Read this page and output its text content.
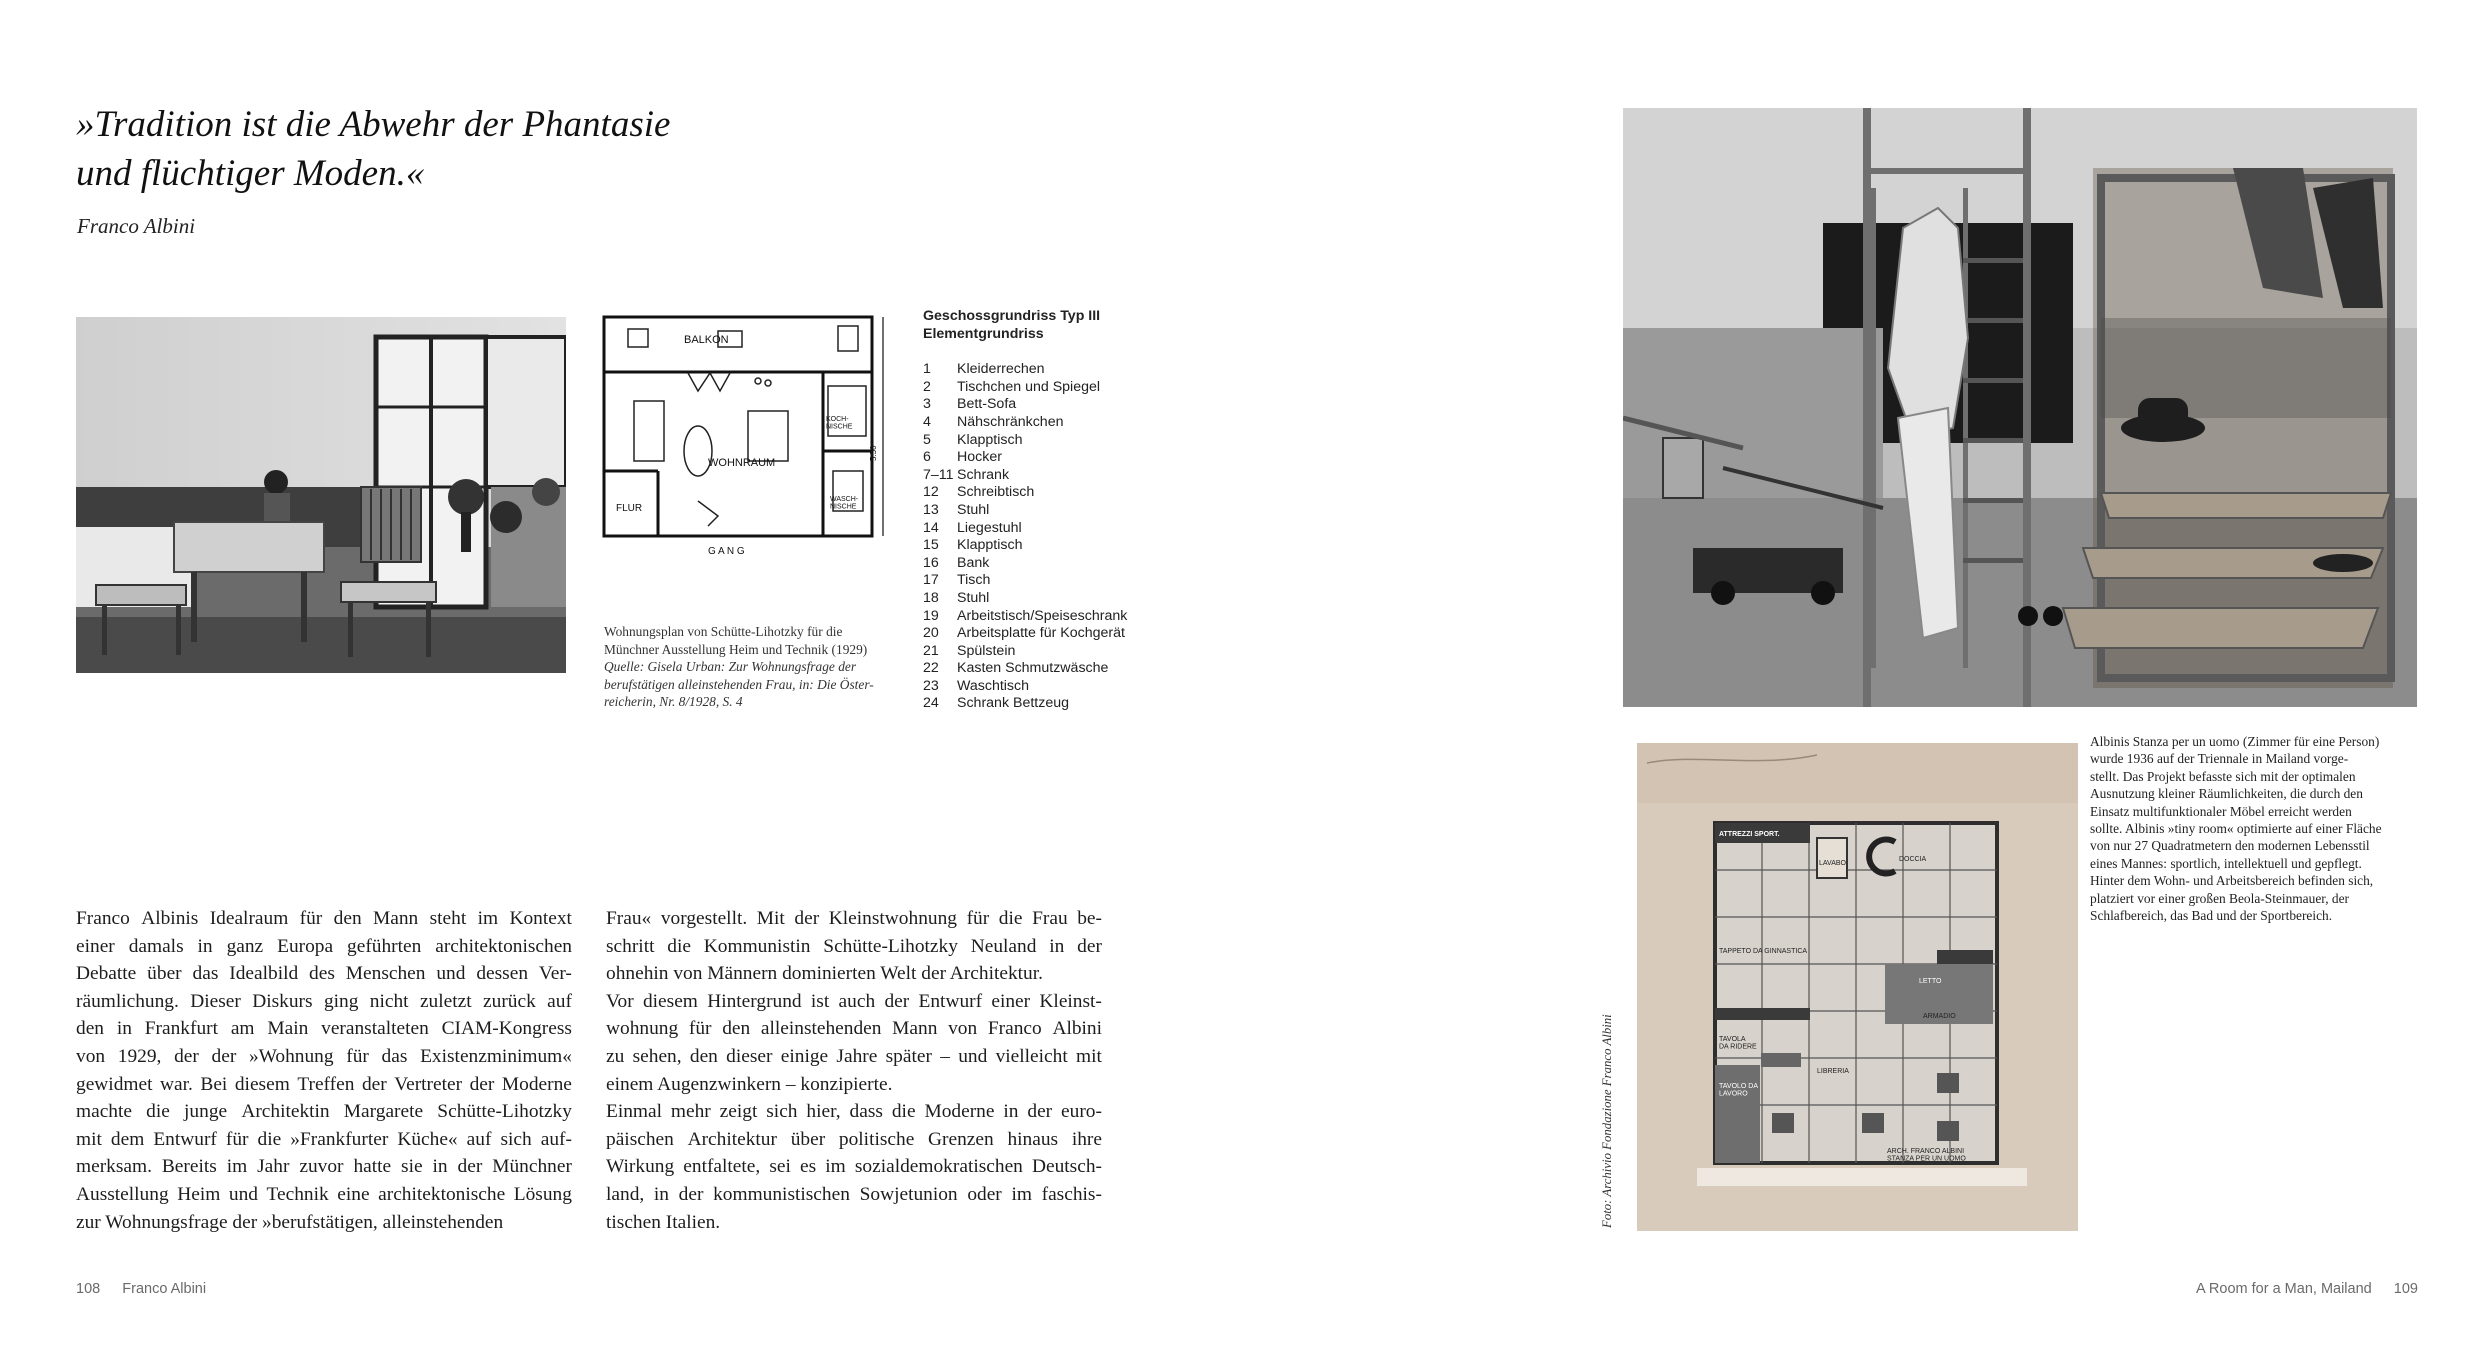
»Tradition ist die Abwehr der Phantasie
und flüchtiger Moden.«
Franco Albini
BALKON
WOHNRAUM
KOCH-NISCHE
FLUR
WASCH-NISCHE
G A N G
5.50
Wohnungsplan von Schütte-Lihotzky für die
Münchner Ausstellung Heim und Technik (1929)
Quelle: Gisela Urban: Zur Wohnungsfrage der
berufstätigen alleinstehenden Frau, in: Die Öster-
reicherin, Nr. 8/1928, S. 4
Geschossgrundriss Typ III
Elementgrundriss
1	Kleiderrechen
2	Tischchen und Spiegel
3	Bett-Sofa
4	Nähschränkchen
5	Klapptisch
6	Hocker
7–11 Schrank
12	Schreibtisch
13	Stuhl
14	Liegestuhl
15	Klapptisch
16	Bank
17	Tisch
18	Stuhl
19	Arbeitstisch/Speiseschrank
20	Arbeitsplatte für Kochgerät
21	Spülstein
22	Kasten Schmutzwäsche
23	Waschtisch
24	Schrank Bettzeug
Franco Albinis Idealraum für den Mann steht im Kontext
einer damals in ganz Europa geführten architektonischen
Debatte über das Idealbild des Menschen und dessen Ver-
räumlichung. Dieser Diskurs ging nicht zuletzt zurück auf
den in Frankfurt am Main veranstalteten CIAM-Kongress
von 1929, der der »Wohnung für das Existenzminimum«
gewidmet war. Bei diesem Treffen der Vertreter der Moderne
machte die junge Architektin Margarete Schütte-Lihotzky
mit dem Entwurf für die »Frankfurter Küche« auf sich auf-
merksam. Bereits im Jahr zuvor hatte sie in der Münchner
Ausstellung Heim und Technik eine architektonische Lösung
zur Wohnungsfrage der »berufstätigen, alleinstehenden
Frau« vorgestellt. Mit der Kleinstwohnung für die Frau be-
schritt die Kommunistin Schütte-Lihotzky Neuland in der
ohnehin von Männern dominierten Welt der Architektur.
Vor diesem Hintergrund ist auch der Entwurf einer Kleinst-
wohnung für den alleinstehenden Mann von Franco Albini
zu sehen, den dieser einige Jahre später – und vielleicht mit
einem Augenzwinkern – konzipierte.
Einmal mehr zeigt sich hier, dass die Moderne in der euro-
päischen Architektur über politische Grenzen hinaus ihre
Wirkung entfaltete, sei es im sozialdemokratischen Deutsch-
land, in der kommunistischen Sowjetunion oder im faschis-
tischen Italien.
ATTREZZI SPORT.
LAVABO
DOCCIA
TAPPETO DA GINNASTICA
TAVOLA DA RIDERE
ARMADIO
LIBRERIA
ARCH. FRANCO ALBINI STANZA PER UN UOMO
LETTO
TAVOLO DA LAVORO
Albinis Stanza per un uomo (Zimmer für eine Person)
wurde 1936 auf der Triennale in Mailand vorge-
stellt. Das Projekt befasste sich mit der optimalen
Ausnutzung kleiner Räumlichkeiten, die durch den
Einsatz multifunktionaler Möbel erreicht werden
sollte. Albinis »tiny room« optimierte auf einer Fläche
von nur 27 Quadratmetern den modernen Lebensstil
eines Mannes: sportlich, intellektuell und gepflegt.
Hinter dem Wohn- und Arbeitsbereich befinden sich,
platziert vor einer großen Beola-Steinmauer, der
Schlafbereich, das Bad und der Sportbereich.
Foto: Archivio Fondazione Franco Albini
108 Franco Albini	A Room for a Man, Mailand 109
